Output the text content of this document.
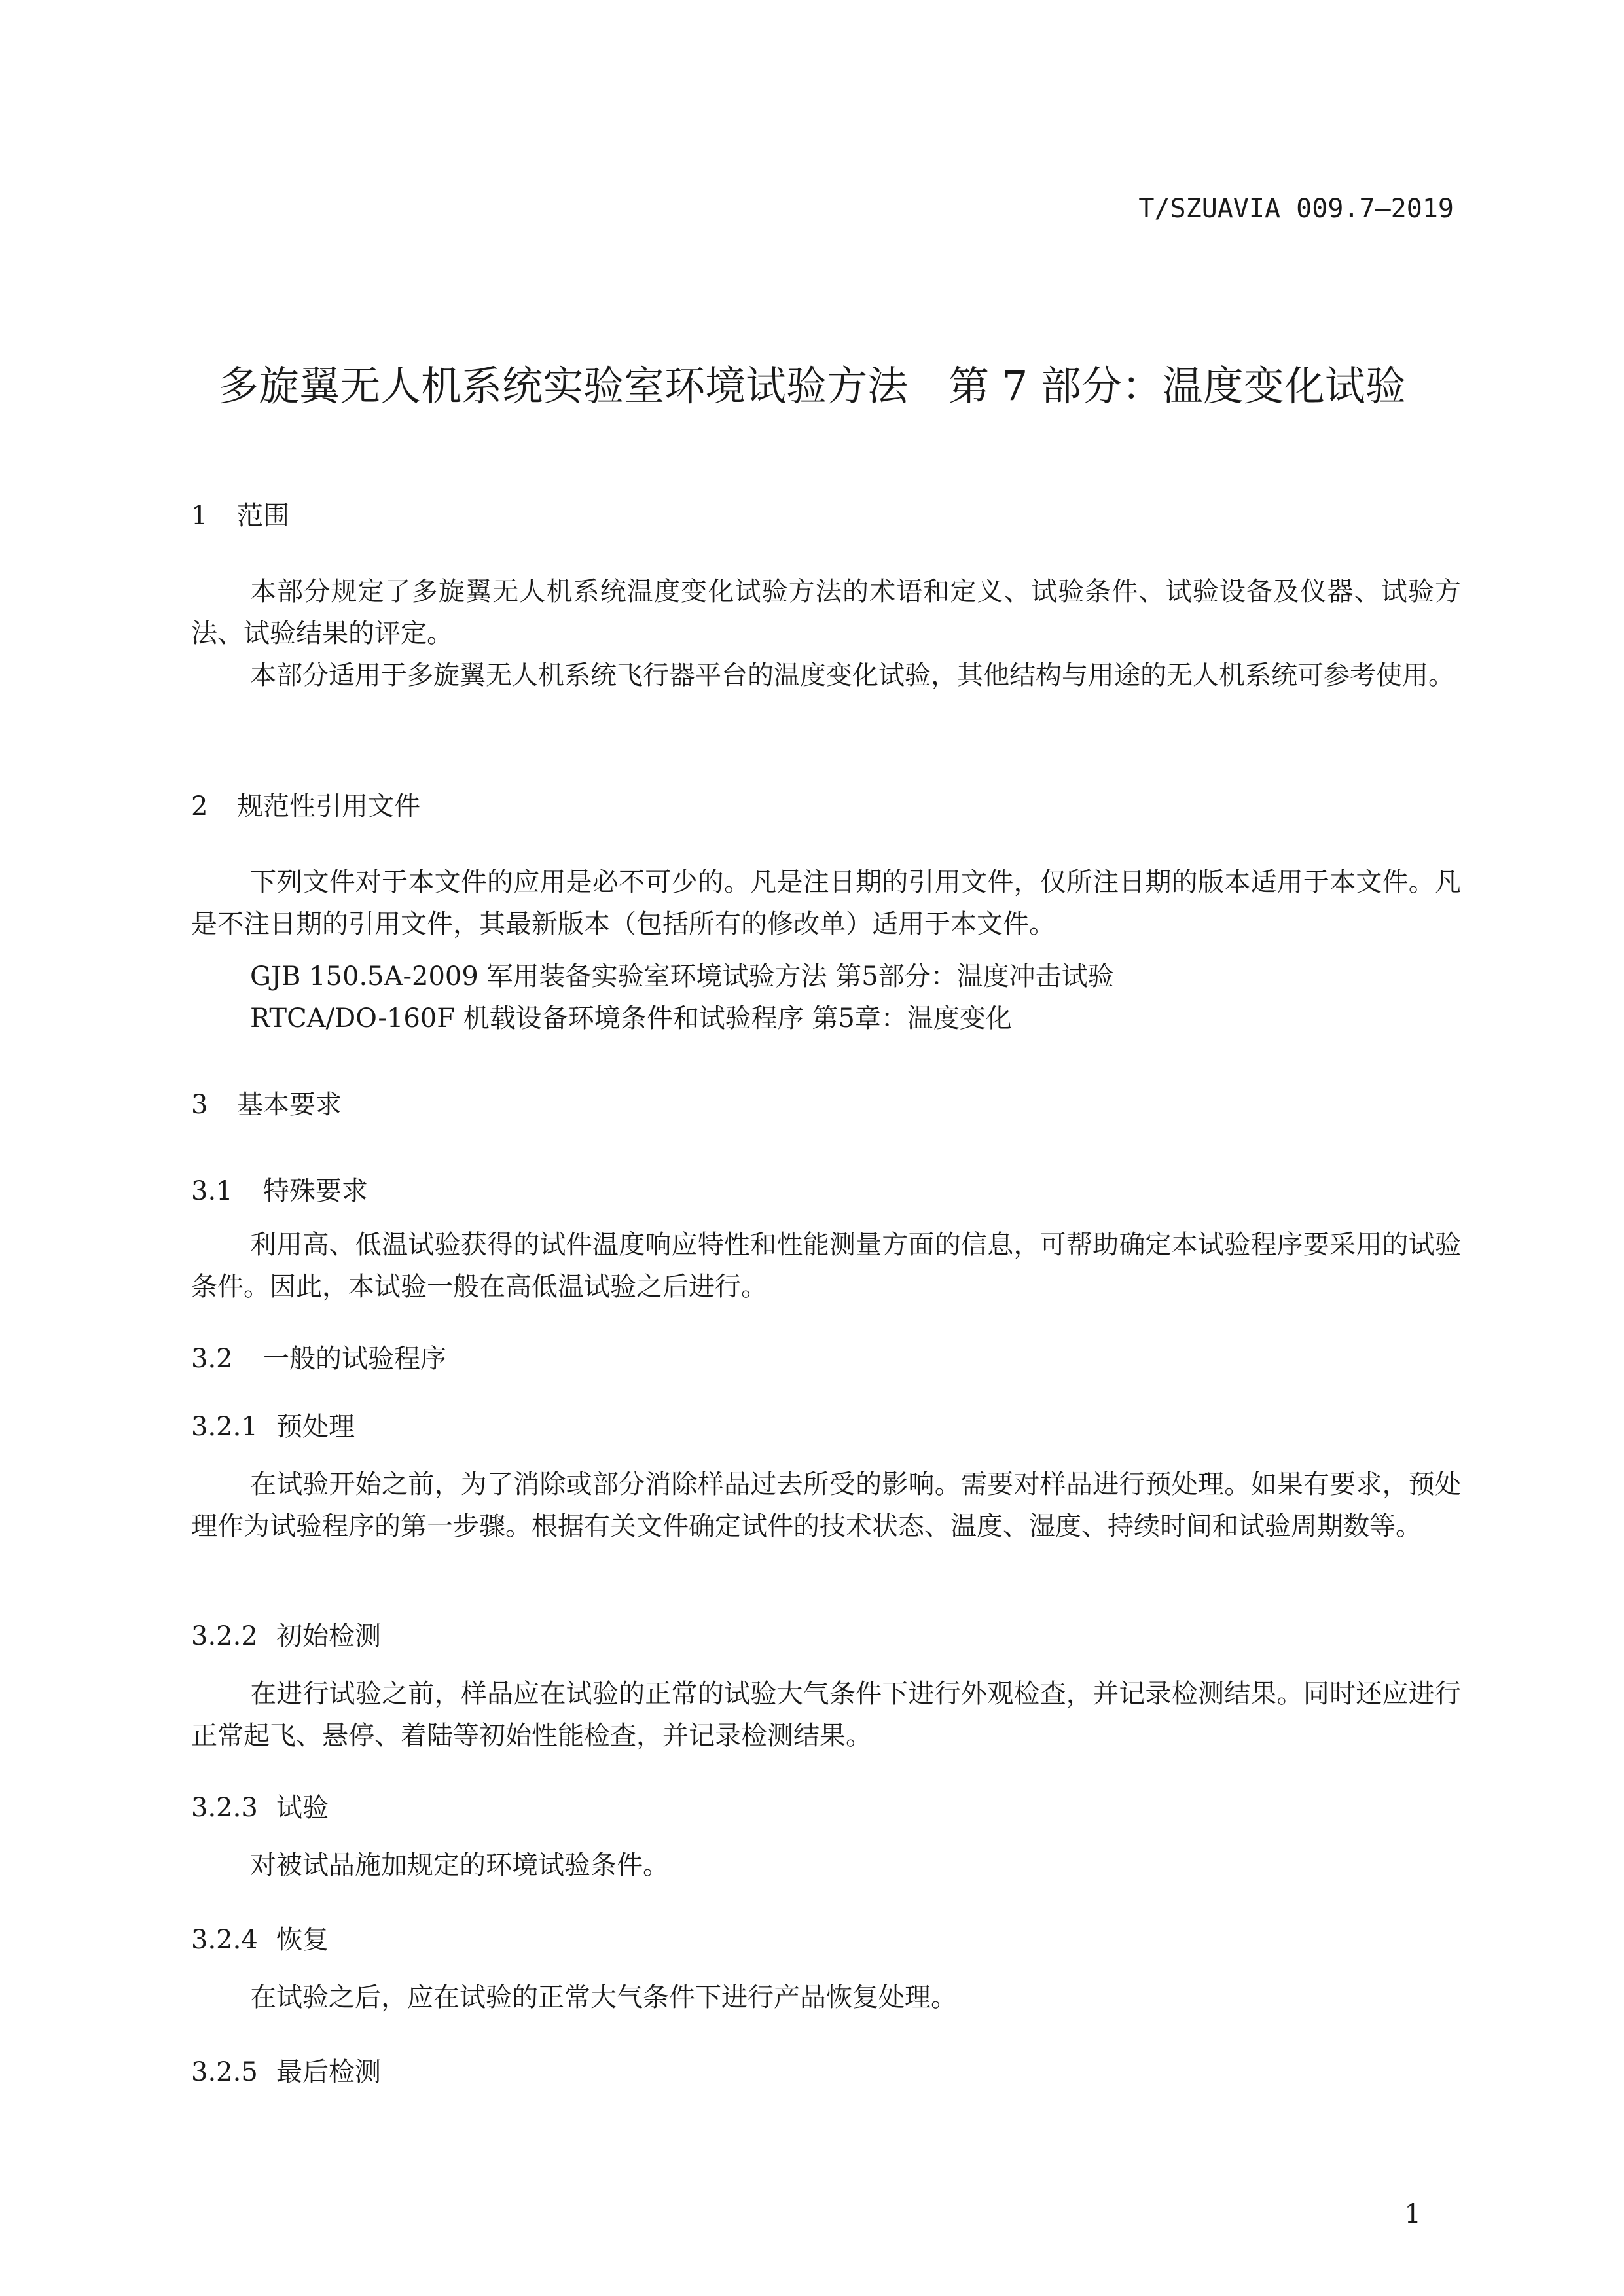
T/SZUAVIA 009.7—2019
多旋翼无人机系统实验室环境试验方法　第 7 部分：温度变化试验
1 范围
本部分规定了多旋翼无人机系统温度变化试验方法的术语和定义、试验条件、试验设备及仪器、试验方法、试验结果的评定。
本部分适用于多旋翼无人机系统飞行器平台的温度变化试验，其他结构与用途的无人机系统可参考使用。
2 规范性引用文件
下列文件对于本文件的应用是必不可少的。凡是注日期的引用文件，仅所注日期的版本适用于本文件。凡是不注日期的引用文件，其最新版本（包括所有的修改单）适用于本文件。
GJB 150.5A-2009 军用装备实验室环境试验方法 第5部分：温度冲击试验
RTCA/DO-160F 机载设备环境条件和试验程序 第5章：温度变化
3 基本要求
3.1 特殊要求
利用高、低温试验获得的试件温度响应特性和性能测量方面的信息，可帮助确定本试验程序要采用的试验条件。因此，本试验一般在高低温试验之后进行。
3.2 一般的试验程序
3.2.1 预处理
在试验开始之前，为了消除或部分消除样品过去所受的影响。需要对样品进行预处理。如果有要求，预处理作为试验程序的第一步骤。根据有关文件确定试件的技术状态、温度、湿度、持续时间和试验周期数等。
3.2.2 初始检测
在进行试验之前，样品应在试验的正常的试验大气条件下进行外观检查，并记录检测结果。同时还应进行正常起飞、悬停、着陆等初始性能检查，并记录检测结果。
3.2.3 试验
对被试品施加规定的环境试验条件。
3.2.4 恢复
在试验之后，应在试验的正常大气条件下进行产品恢复处理。
3.2.5 最后检测
1
